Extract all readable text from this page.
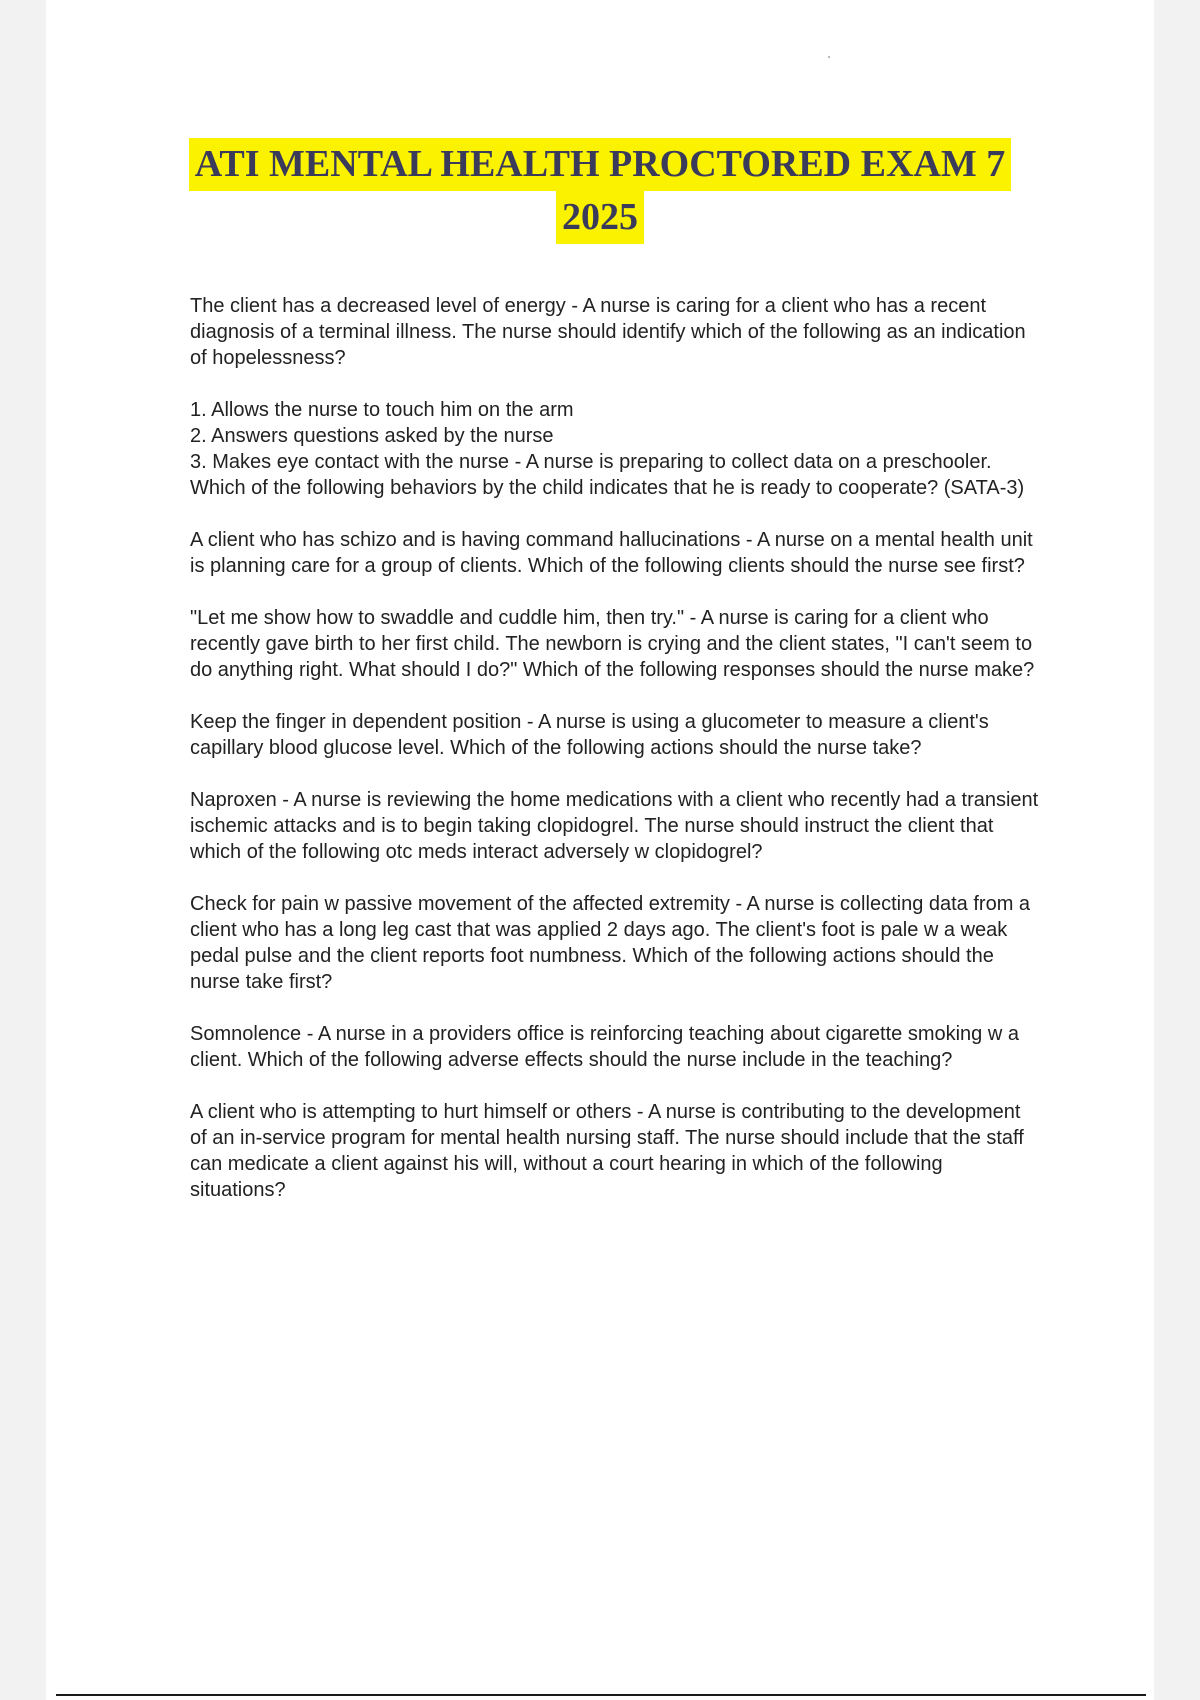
ATI MENTAL HEALTH PROCTORED EXAM 7
2025

The client has a decreased level of energy - A nurse is caring for a client who has a recent diagnosis of a terminal illness. The nurse should identify which of the following as an indication of hopelessness?

1. Allows the nurse to touch him on the arm
2. Answers questions asked by the nurse
3. Makes eye contact with the nurse - A nurse is preparing to collect data on a preschooler. Which of the following behaviors by the child indicates that he is ready to cooperate? (SATA-3)

A client who has schizo and is having command hallucinations - A nurse on a mental health unit is planning care for a group of clients. Which of the following clients should the nurse see first?

"Let me show how to swaddle and cuddle him, then try." - A nurse is caring for a client who recently gave birth to her first child. The newborn is crying and the client states, "I can't seem to do anything right. What should I do?" Which of the following responses should the nurse make?

Keep the finger in dependent position - A nurse is using a glucometer to measure a client's capillary blood glucose level. Which of the following actions should the nurse take?

Naproxen - A nurse is reviewing the home medications with a client who recently had a transient ischemic attacks and is to begin taking clopidogrel. The nurse should instruct the client that which of the following otc meds interact adversely w clopidogrel?

Check for pain w passive movement of the affected extremity - A nurse is collecting data from a client who has a long leg cast that was applied 2 days ago. The client's foot is pale w a weak pedal pulse and the client reports foot numbness. Which of the following actions should the nurse take first?

Somnolence - A nurse in a providers office is reinforcing teaching about cigarette smoking w a client. Which of the following adverse effects should the nurse include in the teaching?

A client who is attempting to hurt himself or others - A nurse is contributing to the development of an in-service program for mental health nursing staff. The nurse should include that the staff can medicate a client against his will, without a court hearing in which of the following situations?
